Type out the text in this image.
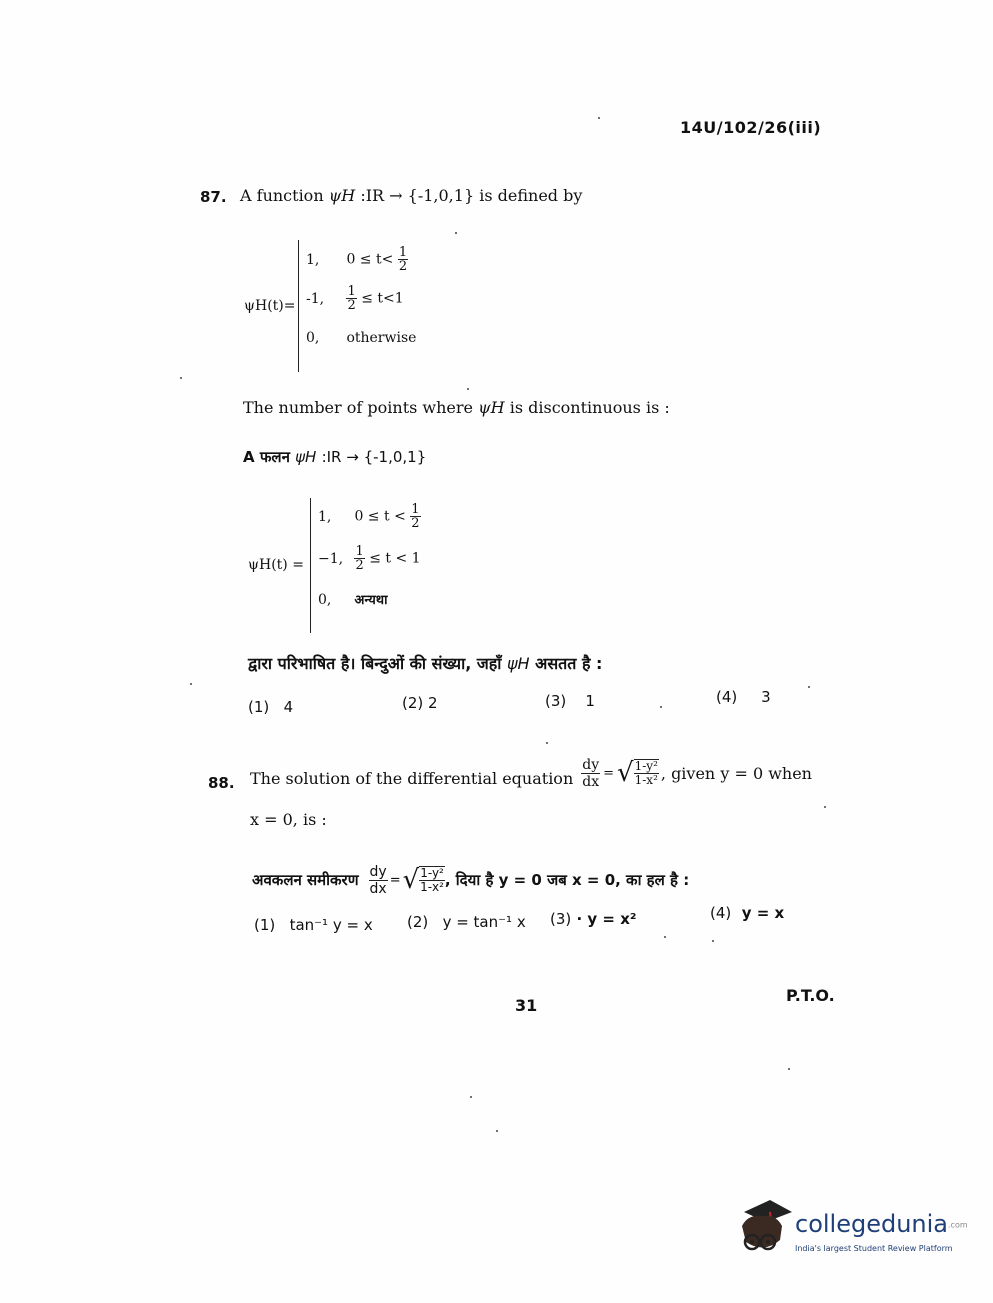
14U/102/26(iii)
87. A function ψH :IR → {-1,0,1} is defined by
ψH(t)=
1, $0 \le t< \frac{1}{2}$
-1, $\frac{1}{2} \le t<1$
0, otherwise
The number of points where ψH is discontinuous is :
A फलन ψH :IR → {-1,0,1}
ψH(t) =
1, $0 \le t < \frac{1}{2}$
−1, $\frac{1}{2} \le t < 1$
0, अन्यथा
द्वारा परिभाषित है। बिन्दुओं की संख्या, जहाँ ψH असतत है :
(1) 4	(2) 2	(3) 1	(4) 3
88. The solution of the differential equation $\frac{dy}{dx}$ = √ $\frac{\text{1-y²}}{\text{1-x²}}$ , given y = 0 when
x = 0, is :
अवकलन समीकरण $\frac{dy}{dx}$ = √ $\frac{\text{1-y²}}{\text{1-x²}}$ , दिया है y = 0 जब x = 0, का हल है :
(1) tan⁻¹ y = x (2) y = tan⁻¹ x (3) · y = x²	(4) y = x
31
P.T.O.
collegedunia.com
India's largest Student Review Platform
